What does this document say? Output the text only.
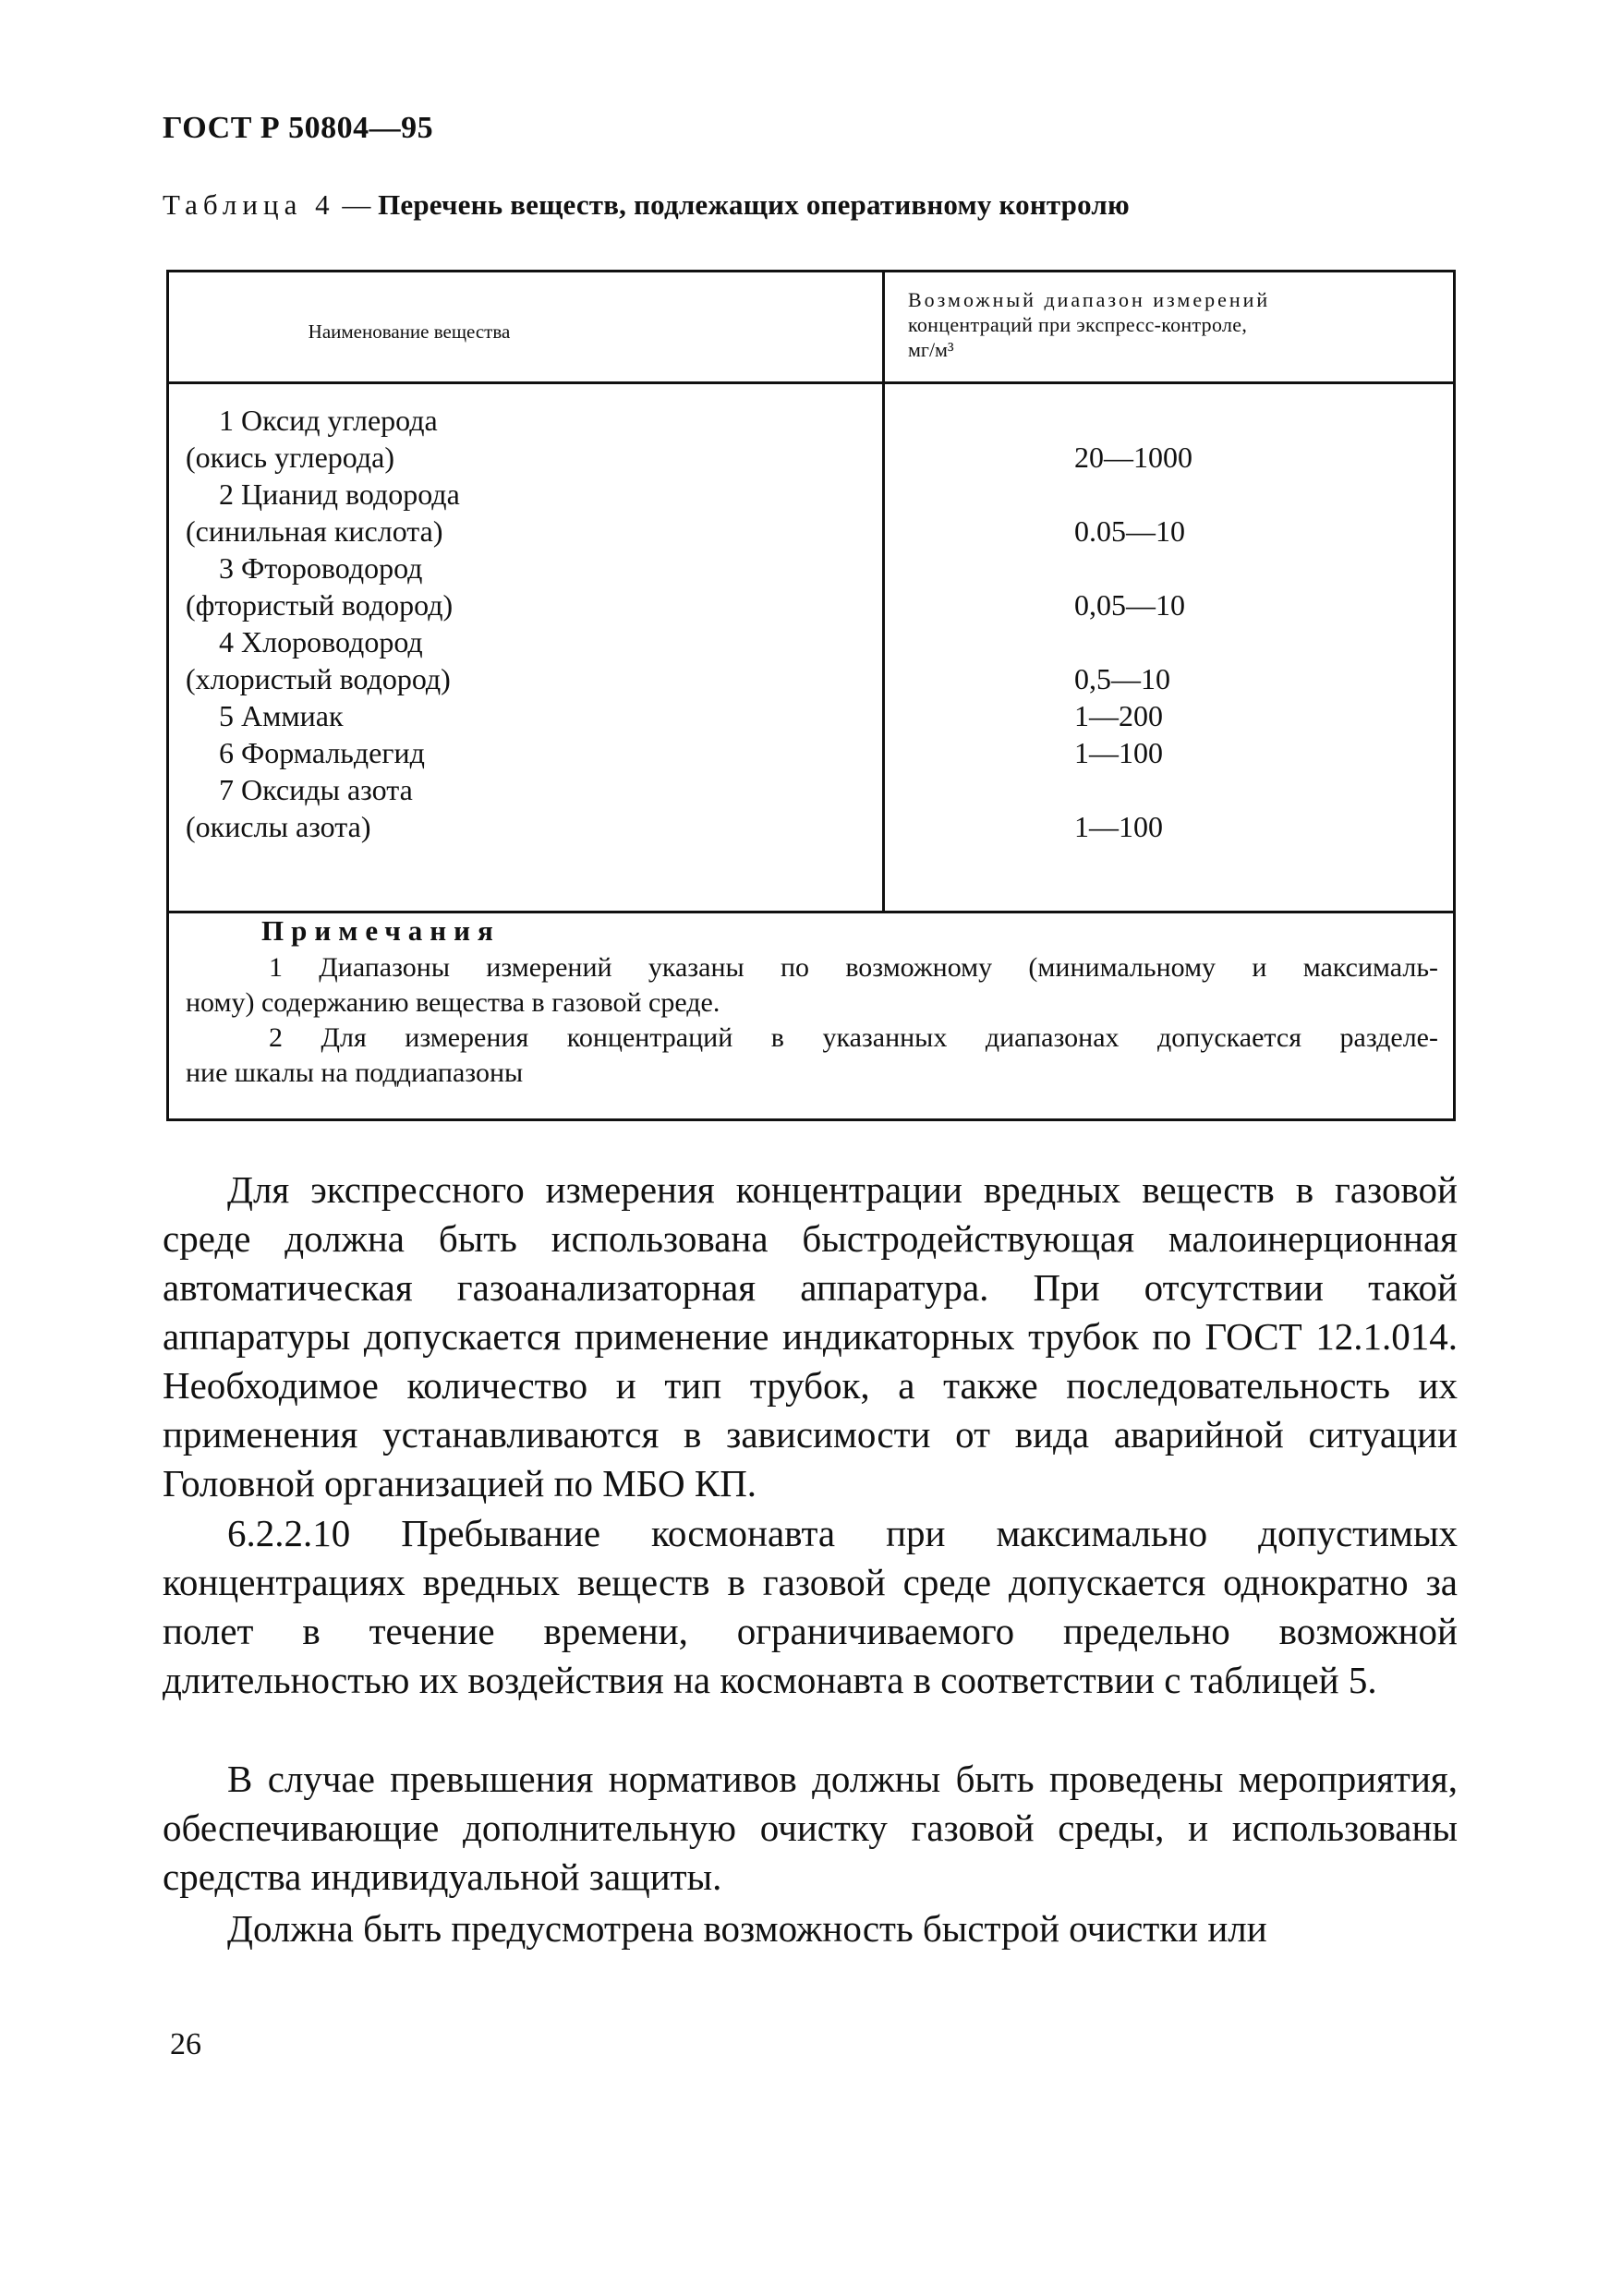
ГОСТ Р 50804—95
Таблица 4 — Перечень веществ, подлежащих оперативному контролю
Наименование вещества
Возможный диапазон измерений
концентраций при экспресс-контроле,
мг/м³
1 Оксид углерода
(окись углерода)	20—1000
2 Цианид водорода
(синильная кислота)	0.05—10
3 Фтороводород
(фтористый водород)	0,05—10
4 Хлороводород
(хлористый водород)	0,5—10
5 Аммиак	1—200
6 Формальдегид	1—100
7 Оксиды азота
(окислы азота)	1—100
Примечания
1 Диапазоны измерений указаны по возможному (минимальному и максималь-
ному) содержанию вещества в газовой среде.
2 Для измерения концентраций в указанных диапазонах допускается разделе-
ние шкалы на поддиапазоны

Для экспрессного измерения концентрации вредных веществ в газовой среде должна быть использована быстродействующая малоинерционная автоматическая газоанализаторная аппаратура. При отсутствии такой аппаратуры допускается применение индикаторных трубок по ГОСТ 12.1.014. Необходимое количество и тип трубок, а также последовательность их применения устанавливаются в зависимости от вида аварийной ситуации Головной организацией по МБО КП.

6.2.2.10 Пребывание космонавта при максимально допустимых концентрациях вредных веществ в газовой среде допускается однократно за полет в течение времени, ограничиваемого предельно возможной длительностью их воздействия на космонавта в соответствии с таблицей 5.

В случае превышения нормативов должны быть проведены мероприятия, обеспечивающие дополнительную очистку газовой среды, и использованы средства индивидуальной защиты.

Должна быть предусмотрена возможность быстрой очистки или

26
